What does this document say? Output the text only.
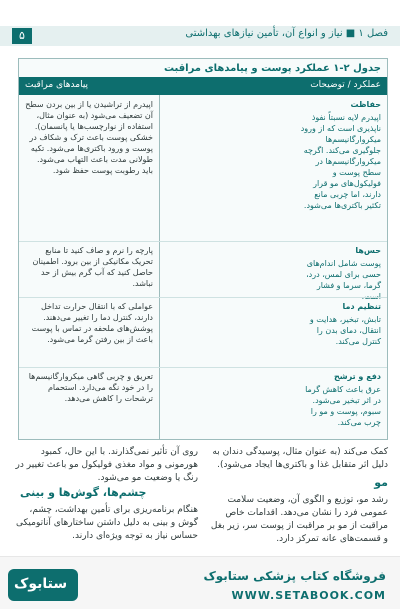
فصل ۱ ■ نیاز و انواع آن، تأمین نیازهای بهداشتی
۵
جدول ۲-۱ عملکرد پوست و پیامدهای مراقبت
عملکرد / توضیحات
پیامدهای مراقبت
حفاظت
اپیدرم لایه نسبتاً نفوذ ناپذیری است که از ورود میکروارگانیسم‌ها جلوگیری می‌کند. اگرچه میکروارگانیسم‌ها در سطح پوست و فولیکول‌های مو قرار دارند، اما چربی مانع تکثیر باکتری‌ها می‌شود.
اپیدرم از تراشیدن یا از بین بردن سطح آن تضعیف می‌شود (به عنوان مثال، استفاده از نوارچسب‌ها یا پانسمان). خشکی پوست باعث ترک و شکاف در پوست و ورود باکتری‌ها می‌شود. تکیه طولانی مدت باعث التهاب می‌شود. باید رطوبت پوست حفظ شود.
حس‌ها
پوست شامل اندام‌های حسی برای لمس، درد، گرما، سرما و فشار
پارچه را نرم و صاف کنید تا منابع تحریک مکانیکی از بین برود. اطمینان حاصل کنید که آب گرم بیش از حد نباشد.
تنظیم دما
تابش، تبخیر، هدایت و انتقال، دمای بدن را کنترل می‌کند.
عواملی که با انتقال حرارت تداخل دارند، کنترل دما را تغییر می‌دهند. پوشش‌های ملحفه در تماس با پوست باعث از بین رفتن گرما می‌شود.
دفع و ترشح
عرق باعث کاهش گرما در اثر تبخیر می‌شود. سبوم، پوست و مو را چرب می‌کند.
تعریق و چربی گاهی میکروارگانیسم‌ها را در خود نگه می‌دارد. استحمام ترشحات را کاهش می‌دهد.
کمک می‌کند (به عنوان مثال، پوسیدگی دندان به دلیل اثر متقابل غذا و باکتری‌ها ایجاد می‌شود).
مو
رشد مو، توزیع و الگوی آن، وضعیت سلامت عمومی فرد را نشان می‌دهد. اقدامات خاص مراقبت از مو بر مراقبت از پوست سر، زیر بغل و قسمت‌های عانه تمرکز دارد.
روی آن تأثیر نمی‌گذارند. با این حال، کمبود هورمونی و مواد مغذی فولیکول مو باعث تغییر در رنگ یا وضعیت مو می‌شود.
چشم‌ها، گوش‌ها و بینی
هنگام برنامه‌ریزی برای تأمین بهداشت، چشم، گوش و بینی به دلیل داشتن ساختارهای آناتومیکی حساس نیاز به توجه ویژه‌ای دارند.
ستابوک	فروشگاه کتاب پزشکی ستابوک
WWW.SETABOOK.COM
